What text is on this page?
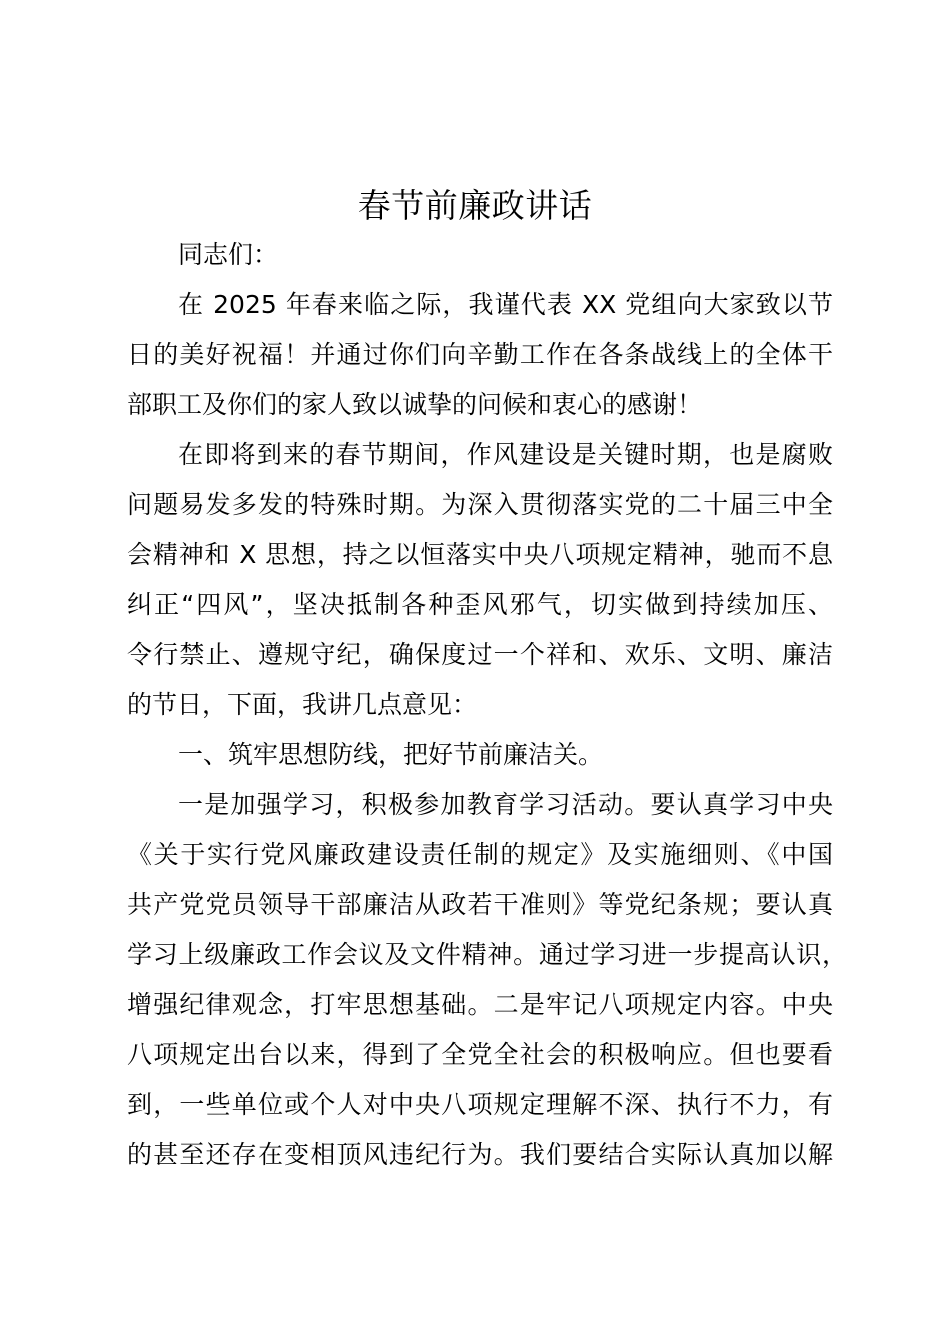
春节前廉政讲话
同志们：
在 2025 年春来临之际，我谨代表 XX 党组向大家致以节
日的美好祝福！并通过你们向辛勤工作在各条战线上的全体干
部职工及你们的家人致以诚挚的问候和衷心的感谢！
在即将到来的春节期间，作风建设是关键时期，也是腐败
问题易发多发的特殊时期。为深入贯彻落实党的二十届三中全
会精神和 X 思想，持之以恒落实中央八项规定精神，驰而不息
纠正“四风”，坚决抵制各种歪风邪气，切实做到持续加压、
令行禁止、遵规守纪，确保度过一个祥和、欢乐、文明、廉洁
的节日，下面，我讲几点意见：
一、筑牢思想防线，把好节前廉洁关。
一是加强学习，积极参加教育学习活动。要认真学习中央
《关于实行党风廉政建设责任制的规定》及实施细则、《中国
共产党党员领导干部廉洁从政若干准则》等党纪条规；要认真
学习上级廉政工作会议及文件精神。通过学习进一步提高认识，
增强纪律观念，打牢思想基础。二是牢记八项规定内容。中央
八项规定出台以来，得到了全党全社会的积极响应。但也要看
到，一些单位或个人对中央八项规定理解不深、执行不力，有
的甚至还存在变相顶风违纪行为。我们要结合实际认真加以解
